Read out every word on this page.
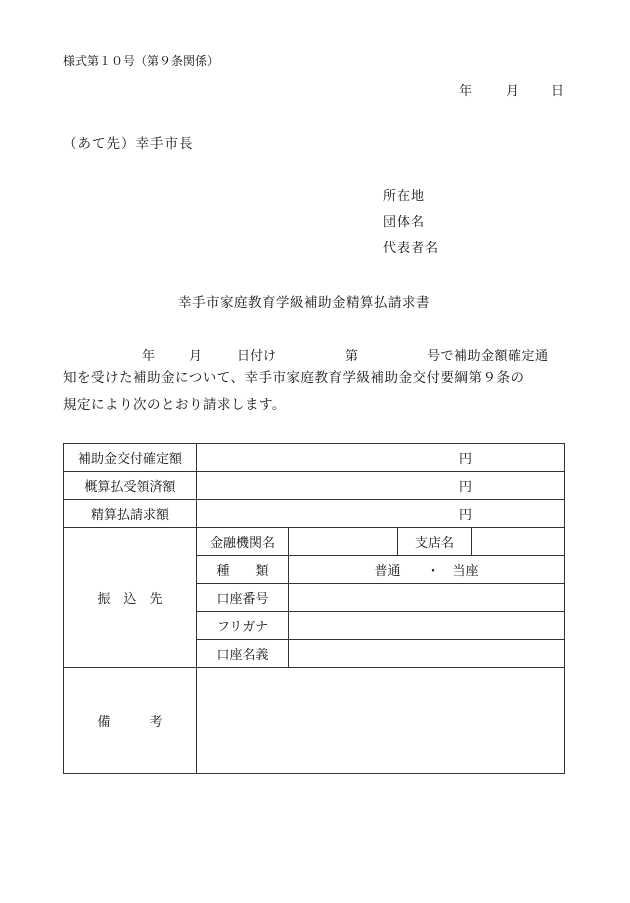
様式第１０号（第９条関係）
年	月 日
（あて先）幸手市長
所在地
団体名
代表者名
幸手市家庭教育学級補助金精算払請求書
年	月	日付け	第	号で補助金額確定通
知を受けた補助金について、幸手市家庭教育学級補助金交付要綱第９条の
規定により次のとおり請求します。
補助金交付確定額	円			
概算払受領済額	円			
精算払請求額	円			
振　込　先	金融機関名		支店名	
	種　　類	普通　　・　当座		
	口座番号			
	フリガナ			
	口座名義			
備　　　考				
